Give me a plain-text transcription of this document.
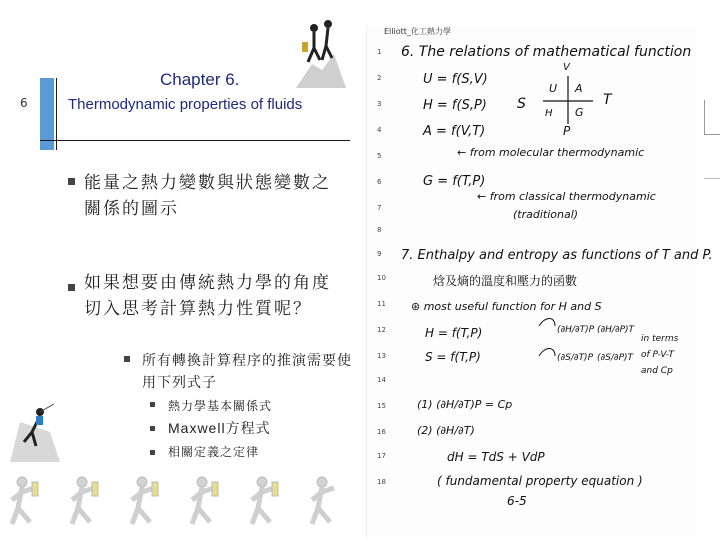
6
Chapter 6.
Thermodynamic properties of fluids
能量之熱力變數與狀態變數之關係的圖示
如果想要由傳統熱力學的角度切入思考計算熱力性質呢？
所有轉換計算程序的推演需要使用下列式子
熱力學基本關係式
Maxwell方程式
相關定義之定律
1
2
3
4
5
6
7
8
9
10
11
12
13
14
15
16
17
18
6. The relations of mathematical function
U = f(S,V)
H = f(S,P)
A = f(V,T)
← from molecular thermodynamic
G = f(T,P)
← from classical thermodynamic
(traditional)
S	T
V
P
U A
H G
7. Enthalpy and entropy as functions of T and P.
焓及熵的溫度和壓力的函數
⊛ most useful function for H and S
H = f(T,P)
S = f(T,P)
(∂H/∂T)P (∂H/∂P)T
(∂S/∂T)P (∂S/∂P)T
in terms
of P-V-T
and Cp
(1) (∂H/∂T)P = Cp
(2) (∂H/∂T)
dH = TdS + VdP
( fundamental property equation )
6-5
Elliott_化工熱力學
